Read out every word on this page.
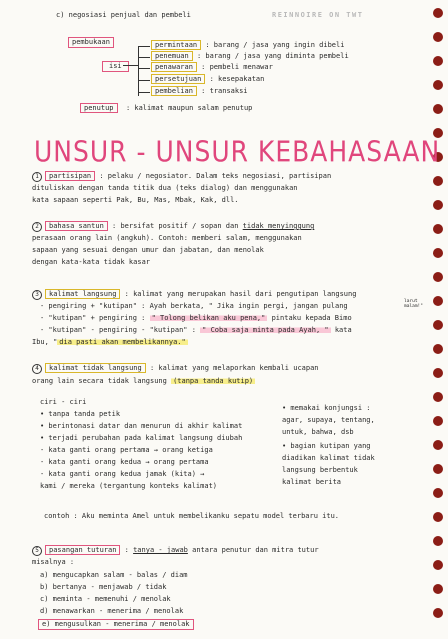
REINNOIRE ON TWT
c) negosiasi penjual dan pembeli
pembukaan
isi
permintaan : barang / jasa yang ingin dibeli
penemuan : barang / jasa yang diminta pembeli
penawaran : pembeli menawar
persetujuan : kesepakatan
pembelian : transaksi
penutup : kalimat maupun salam penutup
UNSUR - UNSUR KEBAHASAAN
1 partisipan : pelaku / negosiator. Dalam teks negosiasi, partisipan
dituliskan dengan tanda titik dua (teks dialog) dan menggunakan
kata sapaan seperti Pak, Bu, Mas, Mbak, Kak, dll.
2 bahasa santun : bersifat positif / sopan dan tidak menyinggung
perasaan orang lain (angkuh). Contoh: memberi salam, menggunakan
sapaan yang sesuai dengan umur dan jabatan, dan menolak
dengan kata-kata tidak kasar
3 kalimat langsung : kalimat yang merupakan hasil dari pengutipan langsung
- pengiring + "kutipan" : Ayah berkata, " Jika ingin pergi, jangan pulang
larut malam!"
- "kutipan" + pengiring : " Tolong belikan aku pena," pintaku kepada Bimo
- "kutipan" - pengiring - "kutipan" : " Coba saja minta pada Ayah, " kata
Ibu, " dia pasti akan membelikannya."
4 kalimat tidak langsung : kalimat yang melaporkan kembali ucapan
orang lain secara tidak langsung (tanpa tanda kutip)
ciri - ciri
• tanpa tanda petik
• berintonasi datar dan menurun di akhir kalimat
• terjadi perubahan pada kalimat langsung diubah
- kata ganti orang pertama → orang ketiga
- kata ganti orang kedua → orang pertama
- kata ganti orang kedua jamak (kita) →
kami / mereka (tergantung konteks kalimat)
• memakai konjungsi :
agar, supaya, tentang,
untuk, bahwa, dsb
• bagian kutipan yang
diadikan kalimat tidak
langsung berbentuk
kalimat berita
contoh : Aku meminta Amel untuk membelikanku sepatu model terbaru itu.
5 pasangan tuturan : tanya - jawab antara penutur dan mitra tutur
misalnya :
a) mengucapkan salam - balas / diam
b) bertanya - menjawab / tidak
c) meminta - memenuhi / menolak
d) menawarkan - menerima / menolak
e) mengusulkan - menerima / menolak
